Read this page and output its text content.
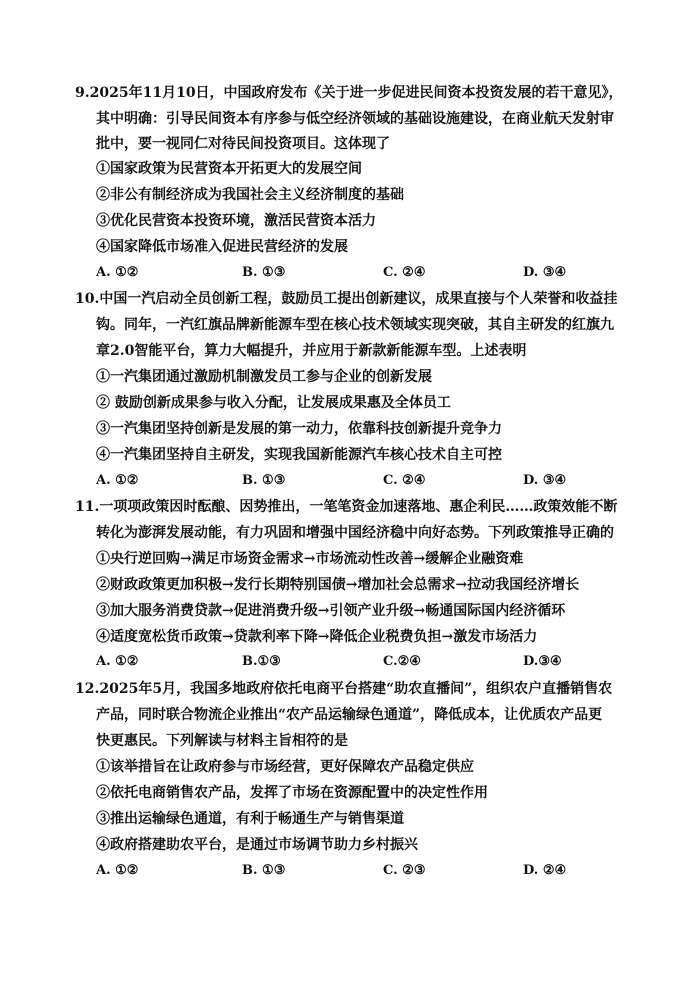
9.2025年11月10日，中国政府发布《关于进一步促进民间资本投资发展的若干意见》，
其中明确：引导民间资本有序参与低空经济领域的基础设施建设，在商业航天发射审
批中，要一视同仁对待民间投资项目。这体现了
①国家政策为民营资本开拓更大的发展空间
②非公有制经济成为我国社会主义经济制度的基础
③优化民营资本投资环境，激活民营资本活力
④国家降低市场准入促进民营经济的发展
A. ①②	B. ①③	C. ②④	D. ③④
10.中国一汽启动全员创新工程，鼓励员工提出创新建议，成果直接与个人荣誉和收益挂
钩。同年，一汽红旗品牌新能源车型在核心技术领域实现突破，其自主研发的红旗九
章2.0智能平台，算力大幅提升，并应用于新款新能源车型。上述表明
①一汽集团通过激励机制激发员工参与企业的创新发展
② 鼓励创新成果参与收入分配，让发展成果惠及全体员工
③一汽集团坚持创新是发展的第一动力，依靠科技创新提升竞争力
④一汽集团坚持自主研发，实现我国新能源汽车核心技术自主可控
A. ①②	B. ①③	C. ②④	D. ③④
11.一项项政策因时酝酿、因势推出，一笔笔资金加速落地、惠企利民……政策效能不断
转化为澎湃发展动能，有力巩固和增强中国经济稳中向好态势。下列政策推导正确的
①央行逆回购→满足市场资金需求→市场流动性改善→缓解企业融资难
②财政政策更加积极→发行长期特别国债→增加社会总需求→拉动我国经济增长
③加大服务消费贷款→促进消费升级→引领产业升级→畅通国际国内经济循环
④适度宽松货币政策→贷款利率下降→降低企业税费负担→激发市场活力
A. ①②	B.①③	C.②④	D.③④
12.2025年5月，我国多地政府依托电商平台搭建“助农直播间”，组织农户直播销售农
产品，同时联合物流企业推出“农产品运输绿色通道”，降低成本，让优质农产品更
快更惠民。下列解读与材料主旨相符的是
①该举措旨在让政府参与市场经营，更好保障农产品稳定供应
②依托电商销售农产品，发挥了市场在资源配置中的决定性作用
③推出运输绿色通道，有利于畅通生产与销售渠道
④政府搭建助农平台，是通过市场调节助力乡村振兴
A. ①②	B. ①③	C. ②③	D. ②④
